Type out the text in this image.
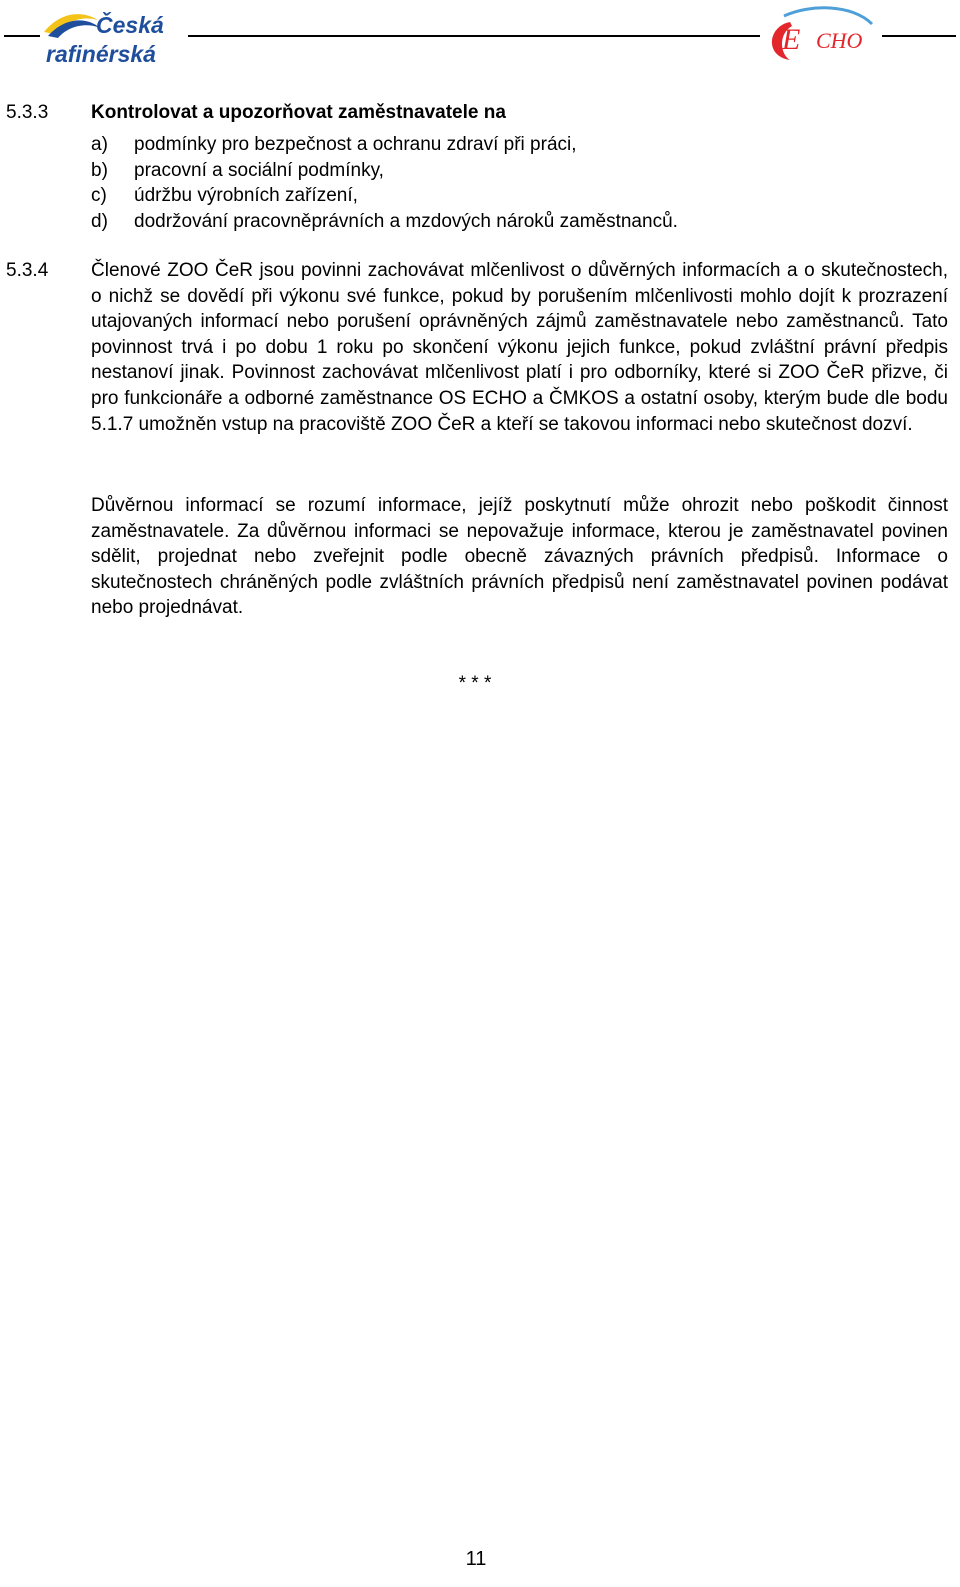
Česká
rafinérská	E CHO
5.3.3 Kontrolovat a upozorňovat zaměstnavatele na
a) podmínky pro bezpečnost a ochranu zdraví při práci,
b) pracovní a sociální podmínky,
c) údržbu výrobních zařízení,
d) dodržování pracovněprávních a mzdových nároků zaměstnanců.
5.3.4 Členové ZOO ČeR jsou povinni zachovávat mlčenlivost o důvěrných informacích a o skutečnostech, o nichž se dovědí při výkonu své funkce, pokud by porušením mlčenlivosti mohlo dojít k prozrazení utajovaných informací nebo porušení oprávněných zájmů zaměstnavatele nebo zaměstnanců. Tato povinnost trvá i po dobu 1 roku po skončení výkonu jejich funkce, pokud zvláštní právní předpis nestanoví jinak. Povinnost zachovávat mlčenlivost platí i pro odborníky, které si ZOO ČeR přizve, či pro funkcionáře a odborné zaměstnance OS ECHO a ČMKOS a ostatní osoby, kterým bude dle bodu 5.1.7 umožněn vstup na pracoviště ZOO ČeR a kteří se takovou informaci nebo skutečnost dozví.

Důvěrnou informací se rozumí informace, jejíž poskytnutí může ohrozit nebo poškodit činnost zaměstnavatele. Za důvěrnou informaci se nepovažuje informace, kterou je zaměstnavatel povinen sdělit, projednat nebo zveřejnit podle obecně závazných právních předpisů. Informace o skutečnostech chráněných podle zvláštních právních předpisů není zaměstnavatel povinen podávat nebo projednávat.

* * *
11
